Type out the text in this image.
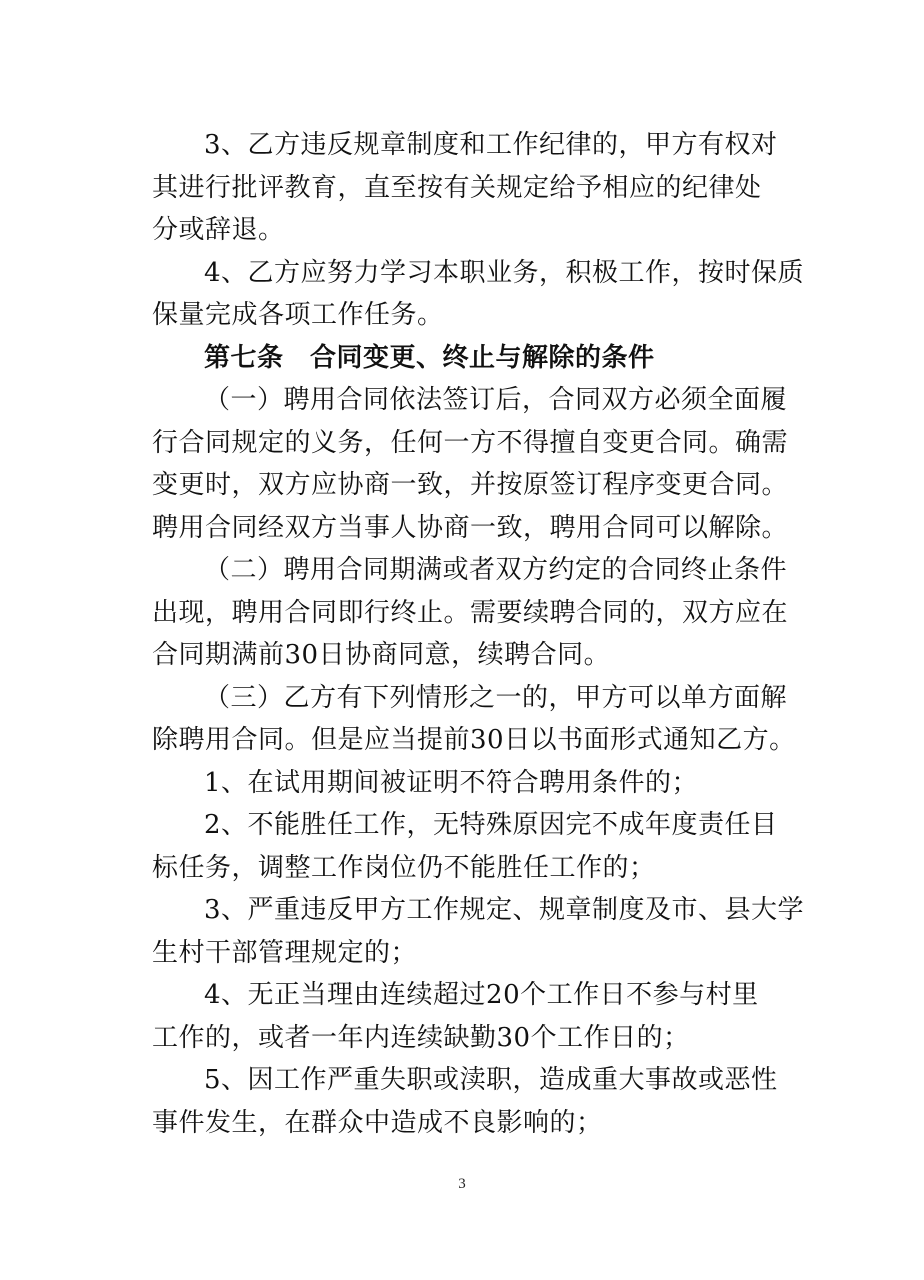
3、乙方违反规章制度和工作纪律的，甲方有权对
其进行批评教育，直至按有关规定给予相应的纪律处
分或辞退。
4、乙方应努力学习本职业务，积极工作，按时保质
保量完成各项工作任务。
第七条　合同变更、终止与解除的条件
（一）聘用合同依法签订后，合同双方必须全面履
行合同规定的义务，任何一方不得擅自变更合同。确需
变更时，双方应协商一致，并按原签订程序变更合同。
聘用合同经双方当事人协商一致，聘用合同可以解除。
（二）聘用合同期满或者双方约定的合同终止条件
出现，聘用合同即行终止。需要续聘合同的，双方应在
合同期满前30日协商同意，续聘合同。
（三）乙方有下列情形之一的，甲方可以单方面解
除聘用合同。但是应当提前30日以书面形式通知乙方。
1、在试用期间被证明不符合聘用条件的；
2、不能胜任工作，无特殊原因完不成年度责任目
标任务，调整工作岗位仍不能胜任工作的；
3、严重违反甲方工作规定、规章制度及市、县大学
生村干部管理规定的；
4、无正当理由连续超过20个工作日不参与村里
工作的，或者一年内连续缺勤30个工作日的；
5、因工作严重失职或渎职，造成重大事故或恶性
事件发生，在群众中造成不良影响的；
3
